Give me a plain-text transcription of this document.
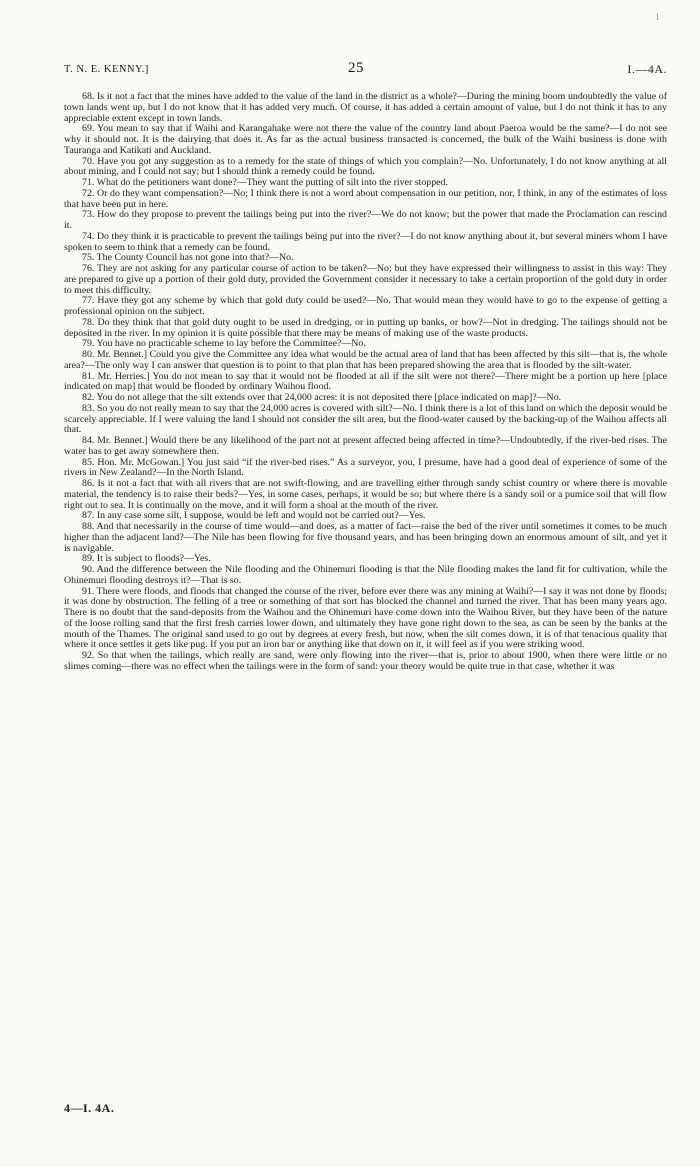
1
T. N. E. KENNY.]	25	I.—4A.

68. Is it not a fact that the mines have added to the value of the land in the district as a whole?—During the mining boom undoubtedly the value of town lands went up, but I do not know that it has added very much. Of course, it has added a certain amount of value, but I do not think it has to any appreciable extent except in town lands.

69. You mean to say that if Waihi and Karangahake were not there the value of the country land about Paeroa would be the same?—I do not see why it should not. It is the dairying that does it. As far as the actual business transacted is concerned, the bulk of the Waihi business is done with Tauranga and Katikati and Auckland.

70. Have you got any suggestion as to a remedy for the state of things of which you complain?—No. Unfortunately, I do not know anything at all about mining, and I could not say; but I should think a remedy could be found.

71. What do the petitioners want done?—They want the putting of silt into the river stopped.

72. Or do they want compensation?—No; I think there is not a word about compensation in our petition, nor, I think, in any of the estimates of loss that have been put in here.

73. How do they propose to prevent the tailings being put into the river?—We do not know; but the power that made the Proclamation can rescind it.

74. Do they think it is practicable to prevent the tailings being put into the river?—I do not know anything about it, but several miners whom I have spoken to seem to think that a remedy can be found.

75. The County Council has not gone into that?—No.

76. They are not asking for any particular course of action to be taken?—No; but they have expressed their willingness to assist in this way: They are prepared to give up a portion of their gold duty, provided the Government consider it necessary to take a certain proportion of the gold duty in order to meet this difficulty.

77. Have they got any scheme by which that gold duty could be used?—No. That would mean they would have to go to the expense of getting a professional opinion on the subject.

78. Do they think that that gold duty ought to be used in dredging, or in putting up banks, or how?—Not in dredging. The tailings should not be deposited in the river. In my opinion it is quite possible that there may be means of making use of the waste products.

79. You have no practicable scheme to lay before the Committee?—No.

80. Mr. Bennet.] Could you give the Committee any idea what would be the actual area of land that has been affected by this silt—that is, the whole area?—The only way I can answer that question is to point to that plan that has been prepared showing the area that is flooded by the silt-water.

81. Mr. Herries.] You do not mean to say that it would not be flooded at all if the silt were not there?—There might be a portion up here [place indicated on map] that would be flooded by ordinary Waihou flood.

82. You do not allege that the silt extends over that 24,000 acres: it is not deposited there [place indicated on map]?—No.

83. So you do not really mean to say that the 24,000 acres is covered with silt?—No. I think there is a lot of this land on which the deposit would be scarcely appreciable. If I were valuing the land I should not consider the silt area, but the flood-water caused by the backing-up of the Waihou affects all that.

84. Mr. Bennet.] Would there be any likelihood of the part not at present affected being affected in time?—Undoubtedly, if the river-bed rises. The water has to get away somewhere then.

85. Hon. Mr. McGowan.] You just said “if the river-bed rises.” As a surveyor, you, I presume, have had a good deal of experience of some of the rivers in New Zealand?—In the North Island.

86. Is it not a fact that with all rivers that are not swift-flowing, and are travelling either through sandy schist country or where there is movable material, the tendency is to raise their beds?—Yes, in some cases, perhaps, it would be so; but where there is a sandy soil or a pumice soil that will flow right out to sea. It is continually on the move, and it will form a shoal at the mouth of the river.

87. In any case some silt, I suppose, would be left and would not be carried out?—Yes.

88. And that necessarily in the course of time would—and does, as a matter of fact—raise the bed of the river until sometimes it comes to be much higher than the adjacent land?—The Nile has been flowing for five thousand years, and has been bringing down an enormous amount of silt, and yet it is navigable.

89. It is subject to floods?—Yes.

90. And the difference between the Nile flooding and the Ohinemuri flooding is that the Nile flooding makes the land fit for cultivation, while the Ohinemuri flooding destroys it?—That is so.

91. There were floods, and floods that changed the course of the river, before ever there was any mining at Waihi?—I say it was not done by floods; it was done by obstruction. The felling of a tree or something of that sort has blocked the channel and turned the river. That has been many years ago. There is no doubt that the sand-deposits from the Waihou and the Ohinemuri have come down into the Waihou River, but they have been of the nature of the loose rolling sand that the first fresh carries lower down, and ultimately they have gone right down to the sea, as can be seen by the banks at the mouth of the Thames. The original sand used to go out by degrees at every fresh, but now, when the silt comes down, it is of that tenacious quality that where it once settles it gets like pug. If you put an iron bar or anything like that down on it, it will feel as if you were striking wood.

92. So that when the tailings, which really are sand, were only flowing into the river—that is, prior to about 1900, when there were little or no slimes coming—there was no effect when the tailings were in the form of sand: your theory would be quite true in that case, whether it was

4—I. 4A.
